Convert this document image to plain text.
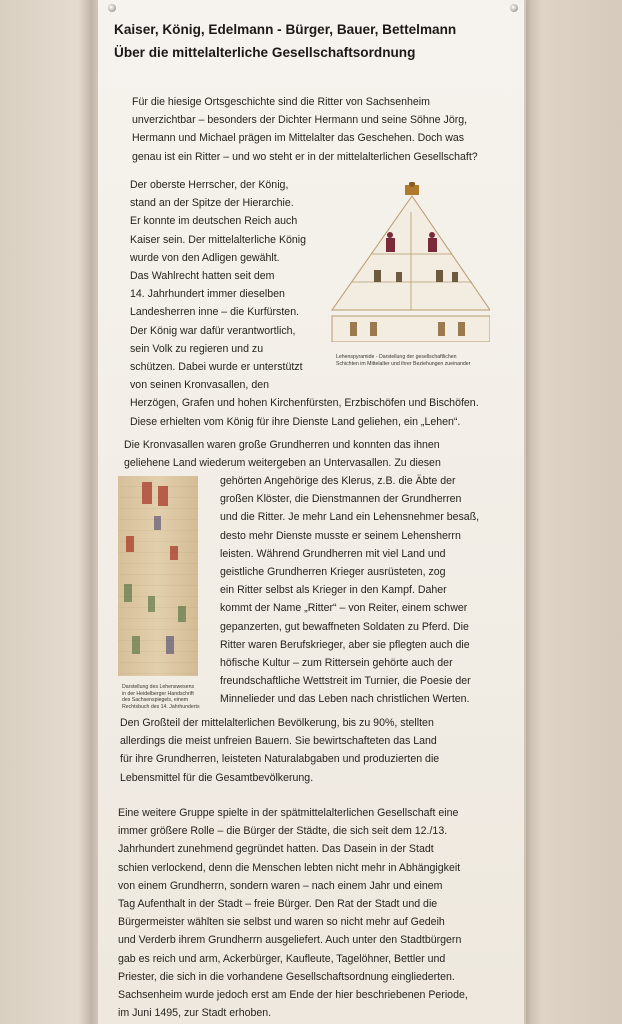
Kaiser, König, Edelmann - Bürger, Bauer, Bettelmann
Über die mittelalterliche Gesellschaftsordnung

Für die hiesige Ortsgeschichte sind die Ritter von Sachsenheim
unverzichtbar – besonders der Dichter Hermann und seine Söhne Jörg,
Hermann und Michael prägen im Mittelalter das Geschehen. Doch was
genau ist ein Ritter – und wo steht er in der mittelalterlichen Gesellschaft?

Der oberste Herrscher, der König,
stand an der Spitze der Hierarchie.
Er konnte im deutschen Reich auch
Kaiser sein. Der mittelalterliche König
wurde von den Adligen gewählt.
Das Wahlrecht hatten seit dem
14. Jahrhundert immer dieselben
Landesherren inne – die Kurfürsten.
Der König war dafür verantwortlich,
sein Volk zu regieren und zu
schützen. Dabei wurde er unterstützt
von seinen Kronvasallen, den
Herzögen, Grafen und hohen Kirchenfürsten, Erzbischöfen und Bischöfen.
Diese erhielten vom König für ihre Dienste Land geliehen, ein „Lehen“.

Lehenspyramide - Darstellung der gesellschaftlichen
Schichten im Mittelalter und ihrer Beziehungen zueinander

Die Kronvasallen waren große Grundherren und konnten das ihnen
geliehene Land wiederum weitergeben an Untervasallen. Zu diesen

Darstellung des Lehenswesens
in der Heidelberger Handschrift
des Sachsenspiegels, einem
Rechtsbuch des 14. Jahrhunderts

gehörten Angehörige des Klerus, z.B. die Äbte der
großen Klöster, die Dienstmannen der Grundherren
und die Ritter. Je mehr Land ein Lehensnehmer besaß,
desto mehr Dienste musste er seinem Lehensherrn
leisten. Während Grundherren mit viel Land und
geistliche Grundherren Krieger ausrüsteten, zog
ein Ritter selbst als Krieger in den Kampf. Daher
kommt der Name „Ritter“ – von Reiter, einem schwer
gepanzerten, gut bewaffneten Soldaten zu Pferd. Die
Ritter waren Berufskrieger, aber sie pflegten auch die
höfische Kultur – zum Rittersein gehörte auch der
freundschaftliche Wettstreit im Turnier, die Poesie der
Minnelieder und das Leben nach christlichen Werten.

Den Großteil der mittelalterlichen Bevölkerung, bis zu 90%, stellten
allerdings die meist unfreien Bauern. Sie bewirtschafteten das Land
für ihre Grundherren, leisteten Naturalabgaben und produzierten die
Lebensmittel für die Gesamtbevölkerung.

Eine weitere Gruppe spielte in der spätmittelalterlichen Gesellschaft eine
immer größere Rolle – die Bürger der Städte, die sich seit dem 12./13.
Jahrhundert zunehmend gegründet hatten. Das Dasein in der Stadt
schien verlockend, denn die Menschen lebten nicht mehr in Abhängigkeit
von einem Grundherrn, sondern waren – nach einem Jahr und einem
Tag Aufenthalt in der Stadt – freie Bürger. Den Rat der Stadt und die
Bürgermeister wählten sie selbst und waren so nicht mehr auf Gedeih
und Verderb ihrem Grundherrn ausgeliefert. Auch unter den Stadtbürgern
gab es reich und arm, Ackerbürger, Kaufleute, Tagelöhner, Bettler und
Priester, die sich in die vorhandene Gesellschaftsordnung eingliederten.
Sachsenheim wurde jedoch erst am Ende der hier beschriebenen Periode,
im Juni 1495, zur Stadt erhoben.
